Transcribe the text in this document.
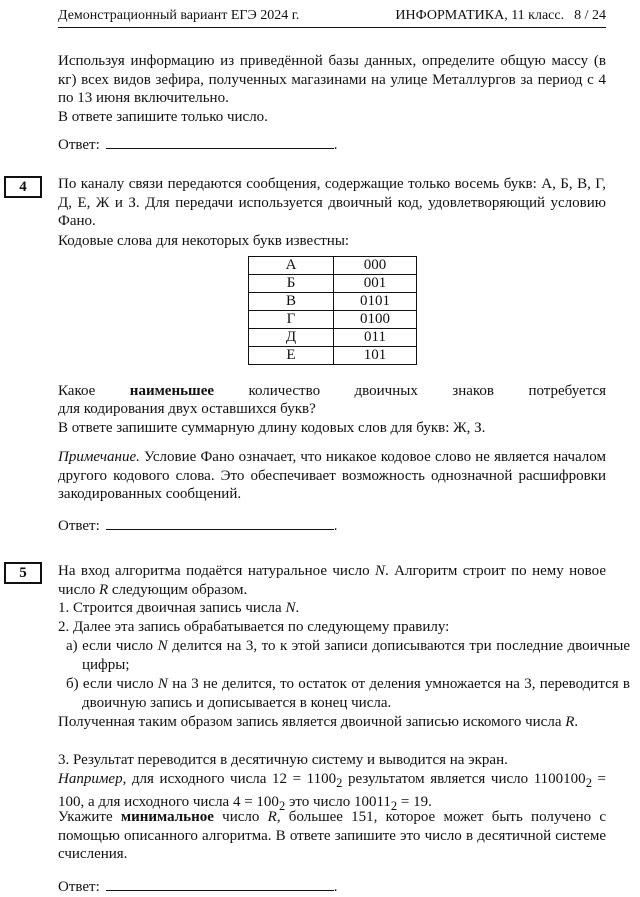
Демонстрационный вариант ЕГЭ 2024 г.	ИНФОРМАТИКА, 11 класс. 8 / 24
Используя информацию из приведённой базы данных, определите общую массу (в кг) всех видов зефира, полученных магазинами на улице Металлургов за период с 4 по 13 июня включительно.
В ответе запишите только число.
Ответ:	.
4	По каналу связи передаются сообщения, содержащие только восемь букв: А, Б, В, Г, Д, Е, Ж и З. Для передачи используется двоичный код, удовлетворяющий условию Фано.
Кодовые слова для некоторых букв известны:
А	000
Б	001
В	0101
Г	0100
Д	011
Е	101
Какое наименьшее количество двоичных знаков потребуется
для кодирования двух оставшихся букв?
В ответе запишите суммарную длину кодовых слов для букв: Ж, З.
Примечание. Условие Фано означает, что никакое кодовое слово не является началом другого кодового слова. Это обеспечивает возможность однозначной расшифровки закодированных сообщений.
Ответ:	.
5	На вход алгоритма подаётся натуральное число N. Алгоритм строит по нему новое число R следующим образом.
1. Строится двоичная запись числа N.
2. Далее эта запись обрабатывается по следующему правилу:
а) если число N делится на 3, то к этой записи дописываются три последние двоичные цифры;
б) если число N на 3 не делится, то остаток от деления умножается на 3, переводится в двоичную запись и дописывается в конец числа.
Полученная таким образом запись является двоичной записью искомого числа R.
3. Результат переводится в десятичную систему и выводится на экран.
Например, для исходного числа $12 = 1100_2$ результатом является число $1100100_2 = 100$, а для исходного числа $4 = 100_2$ это число $10011_2 = 19$.
Укажите минимальное число R, большее 151, которое может быть получено с помощью описанного алгоритма. В ответе запишите это число в десятичной системе счисления.
Ответ:	.
